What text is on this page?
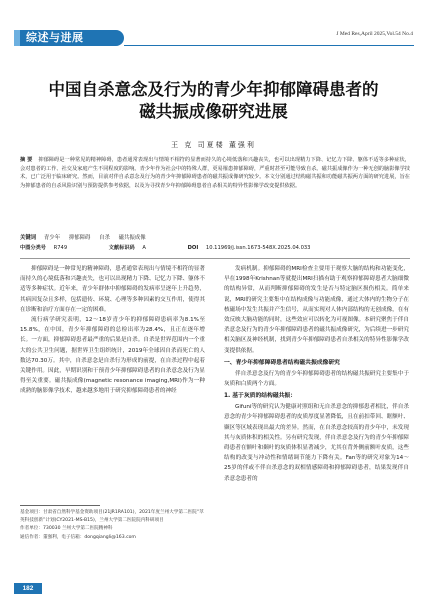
综述与进展	J Med Res,April 2025,Vol.54 No.4
中国自杀意念及行为的青少年抑郁障碍患者的
磁共振成像研究进展
王 克 司夏楼 董强利
摘 要 抑郁障碍是一种常见的精神障碍，患者通常表现出与情境不相符的显著而持久的心境低落和兴趣丧失，也可以出现精力下降、记忆力下降、躯体不适等多种症状，会对患者的工作、社交及家庭产生不同程度的影响。青少年作为社会中的特殊人群，更易罹患抑郁障碍，严重时甚至可能导致自杀。磁共振成像作为一种无创的脑影像学技术，已广泛用于临床研究。然而，目前对伴自杀意念及行为的青少年抑郁障碍患者的磁共振成像研究较少。本文分别通过结构磁共振和功能磁共振两方面的研究进展，旨在为抑郁患者的自杀风险识别与预防提供参考依据，以及为寻找青少年抑郁障碍患者自杀相关的特异性影像学改变提供依据。
关键词 青少年 抑郁障碍 自杀 磁共振成像
中图分类号 R749	文献标识码 A	DOI 10.11969/j.issn.1673-548X.2025.04.033

抑郁障碍是一种常见的精神障碍，患者通常表现出与情境不相符的显著而持久的心境低落和兴趣丧失，也可以出现精力下降、记忆力下降、躯体不适等多种症状。近年来，青少年群体中抑郁障碍的发病率呈逐年上升趋势，其病因复杂且多样，包括遗传、环境、心理等多种因素的交互作用，使得其在诊断和治疗方面存在一定的困难。

流行病学研究表明，12～18岁青少年的抑郁障碍患病率为8.1%至15.8%，在中国，青少年抑郁障碍的总检出率为28.4%，且正在逐年增长。一方面，抑郁障碍患者最严重的后果是自杀。自杀是世界范围内一个重大的公共卫生问题，据世界卫生组织统计，2019年全球因自杀而死亡的人数达70.30万。其中，自杀意念是自杀行为形成的前提，在自杀过程中起着关键作用。因此，早期识别和干预青少年抑郁障碍患者的自杀意念及行为显得至关重要。磁共振成像(magnetic resonance imaging,MRI)作为一种成熟的脑影像学技术，越来越多地用于研究抑郁障碍患者的神经

发病机制。抑郁障碍的MRI检查主要用于观察大脑的结构和功能变化，早在1998年Krishnan等就提出MRI扫描有助于观察抑郁障碍患者大脑细微的结构异常，从而判断抑郁障碍的发生是否与特定脑区损伤相关。简单来说，MRI的研究主要集中在结构成像与功能成像，通过大体内的生物分子在核磁场中发生共振并产生信号，从而实现对人体内部结构的无创成像，在有效反映大脑功能的同时，这些效应可以转化为可视图像。本研究聚焦于伴自杀意念及行为的青少年抑郁障碍患者的磁共振成像研究，为后续进一步研究相关脑区及神经机制，找到青少年抑郁障碍患者自杀相关的特异性影像学改变提供依据。

一、青少年抑郁障碍患者结构磁共振成像研究

伴自杀意念及行为的青少年抑郁障碍患者的结构磁共振研究主要集中于灰质和白质两个方面。

1. 基于灰质的结构磁共振：

Gifuni等的研究认为健康对照组和无自杀意念的抑郁患者相比，伴自杀意念的青少年抑郁障碍患者的皮质厚度显著降低，且在前扣带回、眶额叶、颞区等区域表现出最大的差异。然而，在自杀意念较高的青少年中，未发现其与灰质体积的相关性。另有研究发现，伴自杀意念及行为的青少年抑郁障碍患者在额叶和颞叶的灰质体积显著减少，尤其在背外侧前额叶皮质，这些结构的改变与冲动性和情绪调节能力下降有关。Fan等的研究对象为14～25岁的伴或不伴自杀意念的双相情感障碍和抑郁障碍患者，结果发现伴自杀意念患者的

基金项目：甘肃省自然科学基金资助项目(21JR1RA101)，2021年度兰州大学第二医院“萃英科技创新”计划(CY2021-MS-B15)，兰州大学第二医院院内科研项目

作者单位：730030 兰州大学第二医院精神科

通信作者：董强利，电子信箱：dongqiangli@163.com

182
